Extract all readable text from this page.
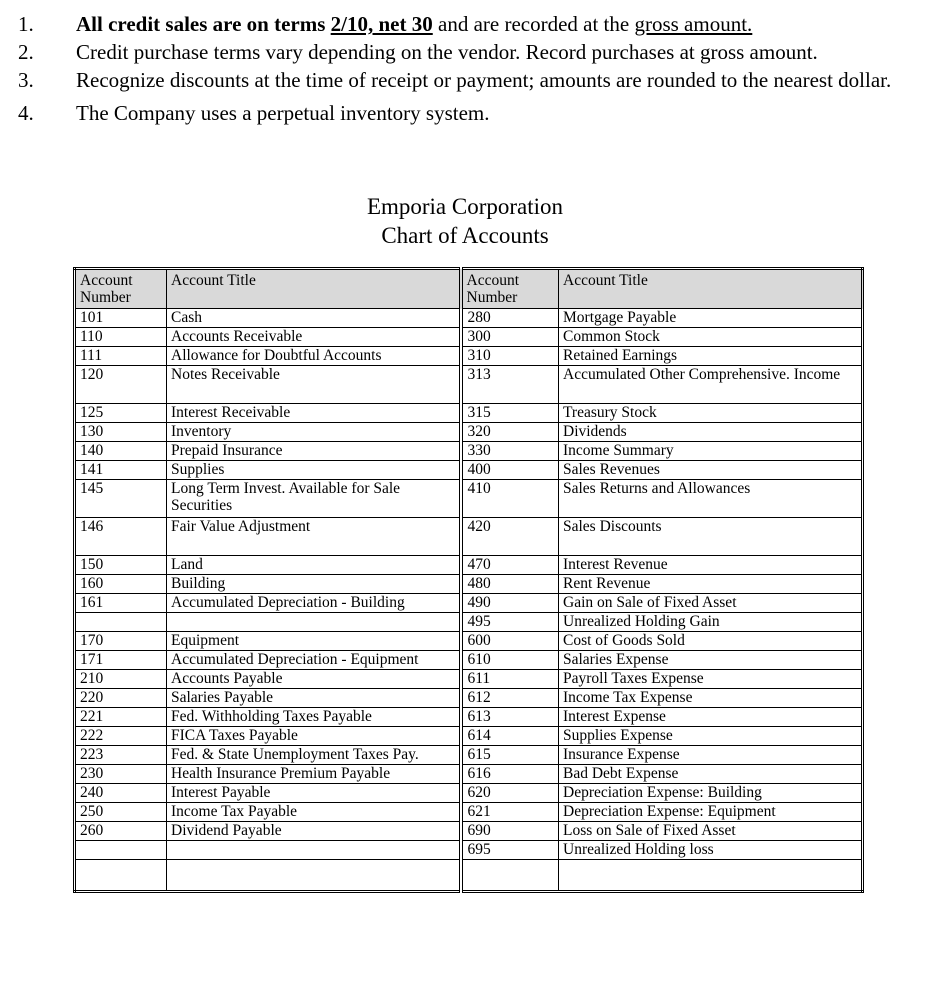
1.	All credit sales are on terms 2/10, net 30 and are recorded at the gross amount.
2.	Credit purchase terms vary depending on the vendor. Record purchases at gross amount.
3.	Recognize discounts at the time of receipt or payment; amounts are rounded to the nearest dollar.
4.	The Company uses a perpetual inventory system.
Emporia Corporation
Chart of Accounts
Account Number	Account Title	Account Number	Account Title
101	Cash	280	Mortgage Payable
110	Accounts Receivable	300	Common Stock
111	Allowance for Doubtful Accounts	310	Retained Earnings
120	Notes Receivable	313	Accumulated Other Comprehensive. Income
125	Interest Receivable	315	Treasury Stock
130	Inventory	320	Dividends
140	Prepaid Insurance	330	Income Summary
141	Supplies	400	Sales Revenues
145	Long Term Invest. Available for Sale Securities	410	Sales Returns and Allowances
146	Fair Value Adjustment	420	Sales Discounts
150	Land	470	Interest Revenue
160	Building	480	Rent Revenue
161	Accumulated Depreciation - Building	490	Gain on Sale of Fixed Asset
		495	Unrealized Holding Gain
170	Equipment	600	Cost of Goods Sold
171	Accumulated Depreciation - Equipment	610	Salaries Expense
210	Accounts Payable	611	Payroll Taxes Expense
220	Salaries Payable	612	Income Tax Expense
221	Fed. Withholding Taxes Payable	613	Interest Expense
222	FICA Taxes Payable	614	Supplies Expense
223	Fed. & State Unemployment Taxes Pay.	615	Insurance Expense
230	Health Insurance Premium Payable	616	Bad Debt Expense
240	Interest Payable	620	Depreciation Expense: Building
250	Income Tax Payable	621	Depreciation Expense: Equipment
260	Dividend Payable	690	Loss on Sale of Fixed Asset
		695	Unrealized Holding loss
